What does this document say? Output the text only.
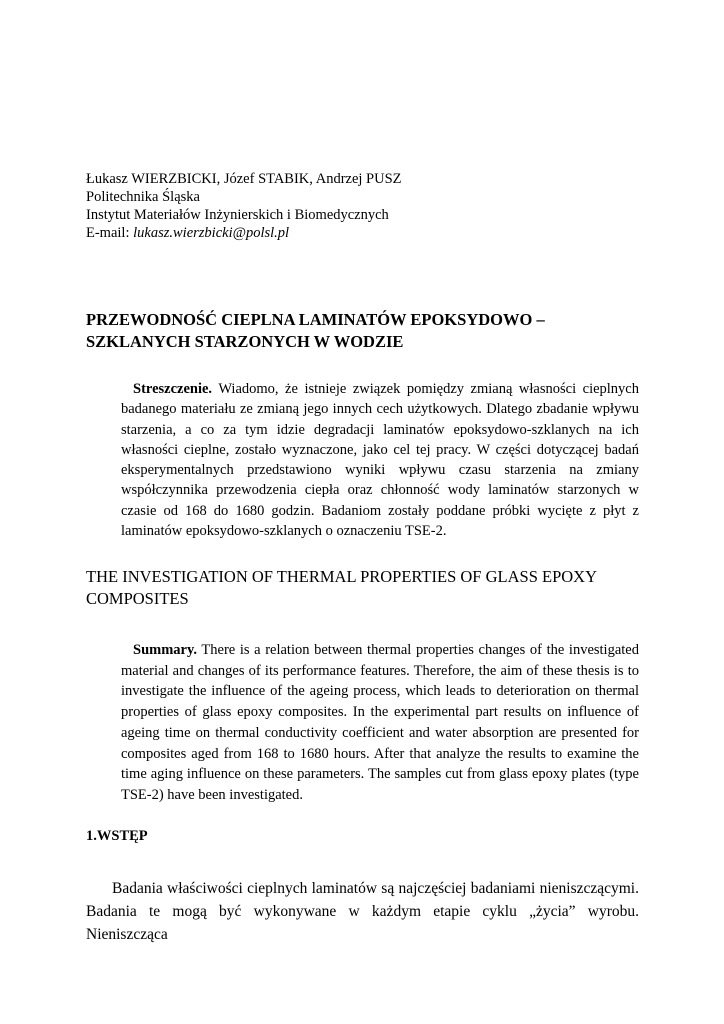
Łukasz WIERZBICKI, Józef STABIK, Andrzej PUSZ
Politechnika Śląska
Instytut Materiałów Inżynierskich i Biomedycznych
E-mail: lukasz.wierzbicki@polsl.pl
PRZEWODNOŚĆ CIEPLNA LAMINATÓW EPOKSYDOWO – SZKLANYCH STARZONYCH W WODZIE
Streszczenie. Wiadomo, że istnieje związek pomiędzy zmianą własności cieplnych badanego materiału ze zmianą jego innych cech użytkowych. Dlatego zbadanie wpływu starzenia, a co za tym idzie degradacji laminatów epoksydowo-szklanych na ich własności cieplne, zostało wyznaczone, jako cel tej pracy. W części dotyczącej badań eksperymentalnych przedstawiono wyniki wpływu czasu starzenia na zmiany współczynnika przewodzenia ciepła oraz chłonność wody laminatów starzonych w czasie od 168 do 1680 godzin. Badaniom zostały poddane próbki wycięte z płyt z laminatów epoksydowo-szklanych o oznaczeniu TSE-2.
THE INVESTIGATION OF THERMAL PROPERTIES OF GLASS EPOXY COMPOSITES
Summary. There is a relation between thermal properties changes of the investigated material and changes of its performance features. Therefore, the aim of these thesis is to investigate the influence of the ageing process, which leads to deterioration on thermal properties of glass epoxy composites. In the experimental part results on influence of ageing time on thermal conductivity coefficient and water absorption are presented for composites aged from 168 to 1680 hours. After that analyze the results to examine the time aging influence on these parameters. The samples cut from glass epoxy plates (type TSE-2) have been investigated.
1.WSTĘP
Badania właściwości cieplnych laminatów są najczęściej badaniami nieniszczącymi. Badania te mogą być wykonywane w każdym etapie cyklu „życia” wyrobu. Nieniszcząca
